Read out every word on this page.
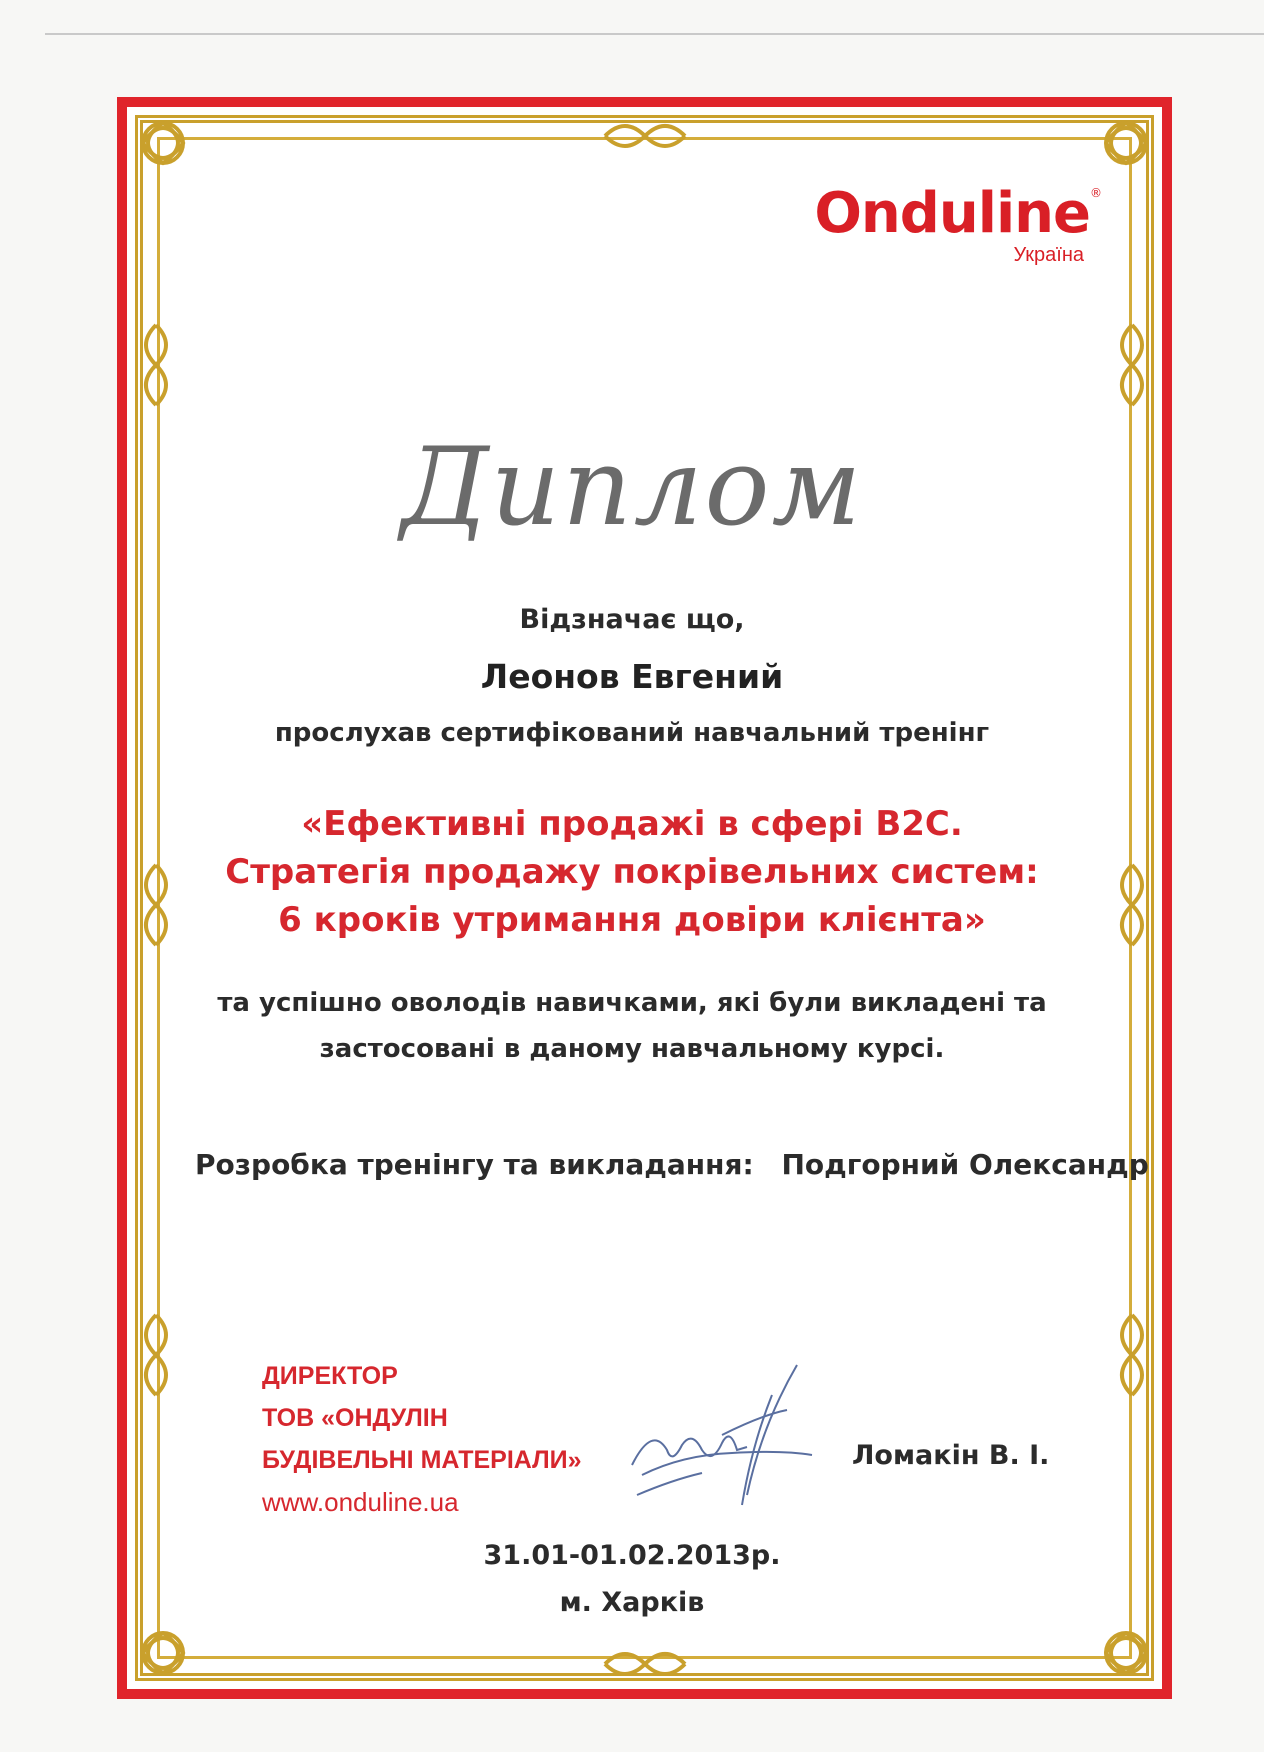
Onduline®
Україна
Диплом
Відзначає що,
Леонов Евгений
прослухав сертифікований навчальний тренінг
«Ефективні продажі в сфері B2C.
Стратегія продажу покрівельних систем:
6 кроків утримання довіри клієнта»
та успішно оволодів навичками, які були викладені та
застосовані в даному навчальному курсі.
Розробка тренінгу та викладання: Подгорний Олександр
ДИРЕКТОР
ТОВ «ОНДУЛІН
БУДІВЕЛЬНІ МАТЕРІАЛИ»
www.onduline.ua
Ломакін В. І.
31.01-01.02.2013р.
м. Харків
